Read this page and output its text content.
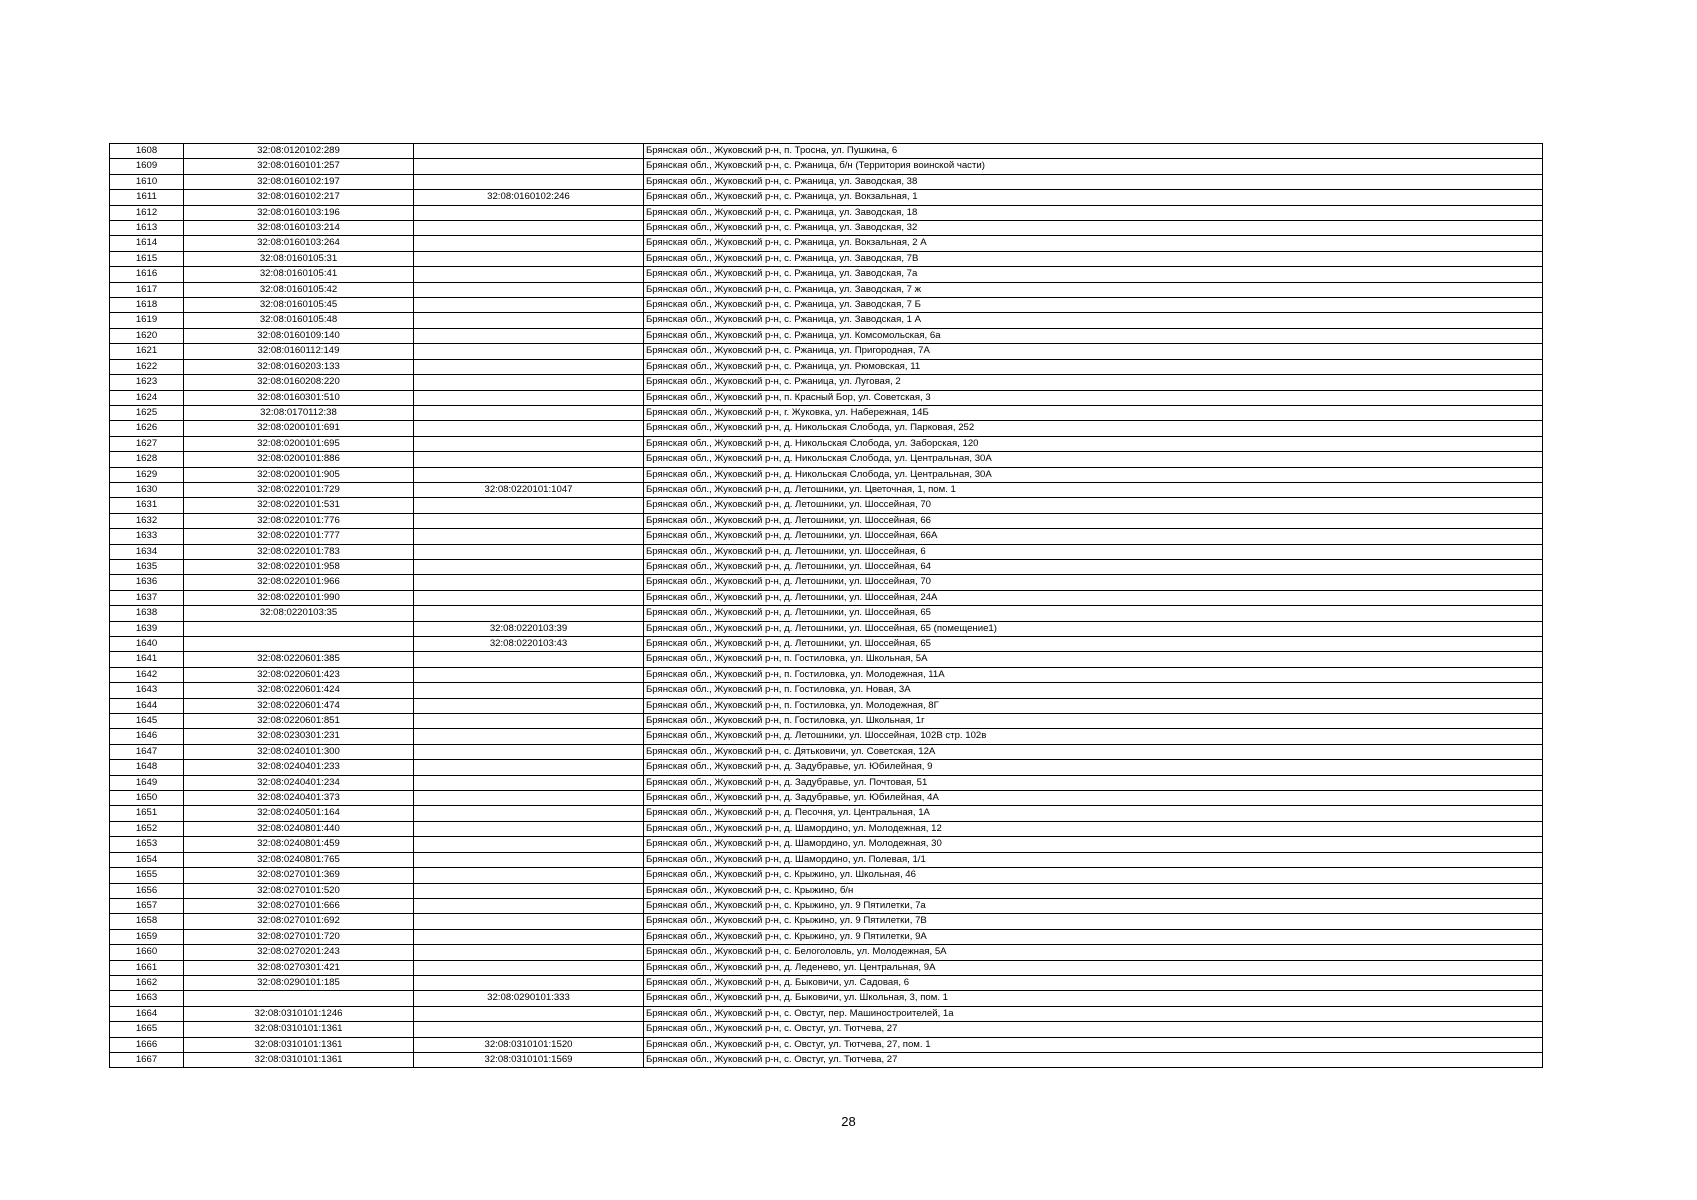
1608	32:08:0120102:289		Брянская обл., Жуковский р-н, п. Троснa, ул. Пушкина, 6
1609	32:08:0160101:257		Брянская обл., Жуковский р-н, с. Ржаница, б/н (Территория воинской части)
1610	32:08:0160102:197		Брянская обл., Жуковский р-н, с. Ржаница, ул. Заводская, 38
1611	32:08:0160102:217	32:08:0160102:246	Брянская обл., Жуковский р-н, с. Ржаница, ул. Вокзальная, 1
1612	32:08:0160103:196		Брянская обл., Жуковский р-н, с. Ржаница, ул. Заводская, 18
1613	32:08:0160103:214		Брянская обл., Жуковский р-н, с. Ржаница, ул. Заводская, 32
1614	32:08:0160103:264		Брянская обл., Жуковский р-н, с. Ржаница, ул. Вокзальная, 2 А
1615	32:08:0160105:31		Брянская обл., Жуковский р-н, с. Ржаница, ул. Заводская, 7В
1616	32:08:0160105:41		Брянская обл., Жуковский р-н, с. Ржаница, ул. Заводская, 7а
1617	32:08:0160105:42		Брянская обл., Жуковский р-н, с. Ржаница, ул. Заводская, 7 ж
1618	32:08:0160105:45		Брянская обл., Жуковский р-н, с. Ржаница, ул. Заводская, 7 Б
1619	32:08:0160105:48		Брянская обл., Жуковский р-н, с. Ржаница, ул. Заводская, 1 А
1620	32:08:0160109:140		Брянская обл., Жуковский р-н, с. Ржаница, ул. Комсомольская, 6а
1621	32:08:0160112:149		Брянская обл., Жуковский р-н, с. Ржаница, ул. Пригородная, 7А
1622	32:08:0160203:133		Брянская обл., Жуковский р-н, с. Ржаница, ул. Рюмовская, 11
1623	32:08:0160208:220		Брянская обл., Жуковский р-н, с. Ржаница, ул. Луговая, 2
1624	32:08:0160301:510		Брянская обл., Жуковский р-н, п. Красный Бор, ул. Советская, 3
1625	32:08:0170112:38		Брянская обл., Жуковский р-н, г. Жуковка, ул. Набережная, 14Б
1626	32:08:0200101:691		Брянская обл., Жуковский р-н, д. Никольская Слобода, ул. Парковая, 252
1627	32:08:0200101:695		Брянская обл., Жуковский р-н, д. Никольская Слобода, ул. Заборская, 120
1628	32:08:0200101:886		Брянская обл., Жуковский р-н, д. Никольская Слобода, ул. Центральная, 30А
1629	32:08:0200101:905		Брянская обл., Жуковский р-н, д. Никольская Слобода, ул. Центральная, 30А
1630	32:08:0220101:729	32:08:0220101:1047	Брянская обл., Жуковский р-н, д. Летошники, ул. Цветочная, 1, пом. 1
1631	32:08:0220101:531		Брянская обл., Жуковский р-н, д. Летошники, ул. Шоссейная, 70
1632	32:08:0220101:776		Брянская обл., Жуковский р-н, д. Летошники, ул. Шоссейная, 66
1633	32:08:0220101:777		Брянская обл., Жуковский р-н, д. Летошники, ул. Шоссейная, 66А
1634	32:08:0220101:783		Брянская обл., Жуковский р-н, д. Летошники, ул. Шоссейная, 6
1635	32:08:0220101:958		Брянская обл., Жуковский р-н, д. Летошники, ул. Шоссейная, 64
1636	32:08:0220101:966		Брянская обл., Жуковский р-н, д. Летошники, ул. Шоссейная, 70
1637	32:08:0220101:990		Брянская обл., Жуковский р-н, д. Летошники, ул. Шоссейная, 24А
1638	32:08:0220103:35		Брянская обл., Жуковский р-н, д. Летошники, ул. Шоссейная, 65
1639		32:08:0220103:39	Брянская обл., Жуковский р-н, д. Летошники, ул. Шоссейная, 65 (помещение1)
1640		32:08:0220103:43	Брянская обл., Жуковский р-н, д. Летошники, ул. Шоссейная, 65
1641	32:08:0220601:385		Брянская обл., Жуковский р-н, п. Гостиловка, ул. Школьная, 5А
1642	32:08:0220601:423		Брянская обл., Жуковский р-н, п. Гостиловка, ул. Молодежная, 11А
1643	32:08:0220601:424		Брянская обл., Жуковский р-н, п. Гостиловка, ул. Новая, 3А
1644	32:08:0220601:474		Брянская обл., Жуковский р-н, п. Гостиловка, ул. Молодежная, 8Г
1645	32:08:0220601:851		Брянская обл., Жуковский р-н, п. Гостиловка, ул. Школьная, 1г
1646	32:08:0230301:231		Брянская обл., Жуковский р-н, д. Летошники, ул. Шоссейная, 102В стр. 102в
1647	32:08:0240101:300		Брянская обл., Жуковский р-н, с. Дятьковичи, ул. Советская, 12А
1648	32:08:0240401:233		Брянская обл., Жуковский р-н, д. Задубравье, ул. Юбилейная, 9
1649	32:08:0240401:234		Брянская обл., Жуковский р-н, д. Задубравье, ул. Почтовая, 51
1650	32:08:0240401:373		Брянская обл., Жуковский р-н, д. Задубравье, ул. Юбилейная, 4А
1651	32:08:0240501:164		Брянская обл., Жуковский р-н, д. Песочня, ул. Центральная, 1А
1652	32:08:0240801:440		Брянская обл., Жуковский р-н, д. Шамордино, ул. Молодежная, 12
1653	32:08:0240801:459		Брянская обл., Жуковский р-н, д. Шамордино, ул. Молодежная, 30
1654	32:08:0240801:765		Брянская обл., Жуковский р-н, д. Шамордино, ул. Полевая, 1/1
1655	32:08:0270101:369		Брянская обл., Жуковский р-н, с. Крыжино, ул. Школьная, 46
1656	32:08:0270101:520		Брянская обл., Жуковский р-н, с. Крыжино, б/н
1657	32:08:0270101:666		Брянская обл., Жуковский р-н, с. Крыжино, ул. 9 Пятилетки, 7а
1658	32:08:0270101:692		Брянская обл., Жуковский р-н, с. Крыжино, ул. 9 Пятилетки, 7В
1659	32:08:0270101:720		Брянская обл., Жуковский р-н, с. Крыжино, ул. 9 Пятилетки, 9А
1660	32:08:0270201:243		Брянская обл., Жуковский р-н, с. Белоголовль, ул. Молодежная, 5А
1661	32:08:0270301:421		Брянская обл., Жуковский р-н, д. Леденево, ул. Центральная, 9А
1662	32:08:0290101:185		Брянская обл., Жуковский р-н, д. Быковичи, ул. Садовая, 6
1663		32:08:0290101:333	Брянская обл., Жуковский р-н, д. Быковичи, ул. Школьная, 3, пом. 1
1664	32:08:0310101:1246		Брянская обл., Жуковский р-н, с. Овстуг, пер. Машиностроителей, 1а
1665	32:08:0310101:1361		Брянская обл., Жуковский р-н, с. Овстуг, ул. Тютчева, 27
1666	32:08:0310101:1361	32:08:0310101:1520	Брянская обл., Жуковский р-н, с. Овстуг, ул. Тютчева, 27, пом. 1
1667	32:08:0310101:1361	32:08:0310101:1569	Брянская обл., Жуковский р-н, с. Овстуг, ул. Тютчева, 27
28
